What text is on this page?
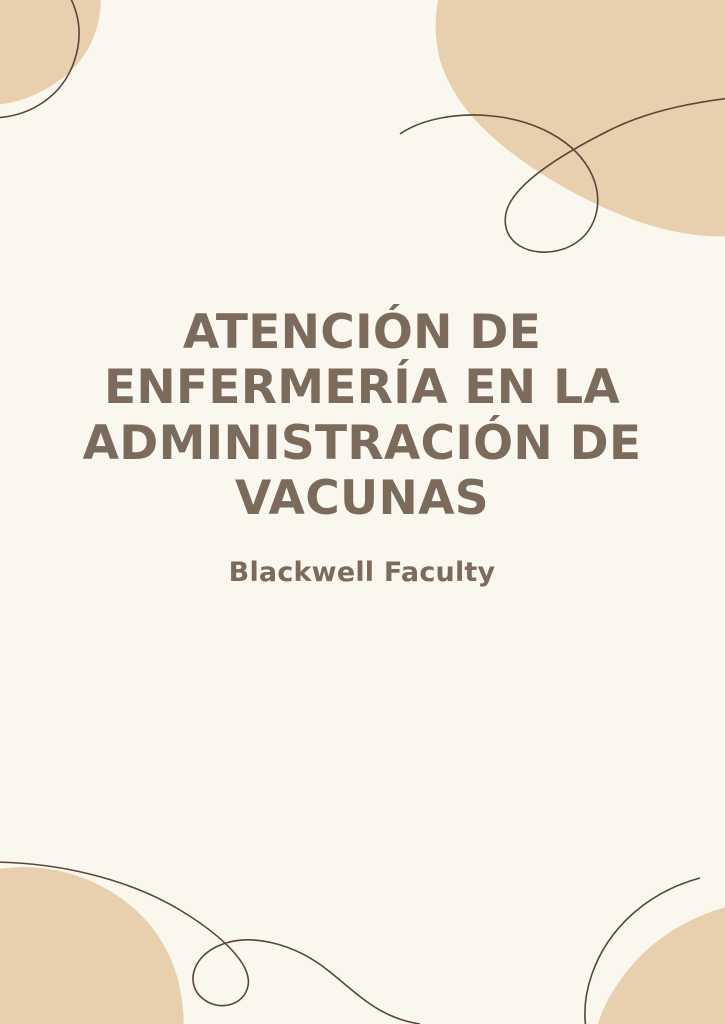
ATENCIÓN DE ENFERMERÍA EN LA ADMINISTRACIÓN DE VACUNAS

Blackwell Faculty
